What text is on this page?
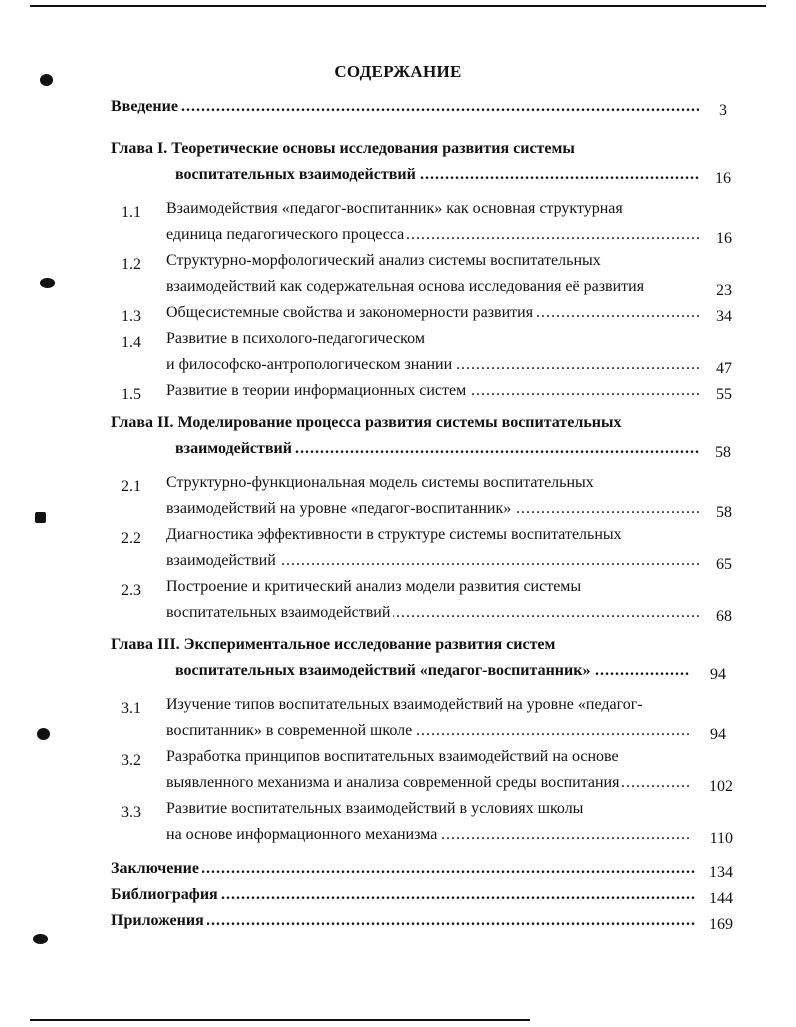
СОДЕРЖАНИЕ
Введение .....	3
Глава I. Теоретические основы исследования развития системы
воспитательных взаимодействий .....	16
1.1 Взаимодействия «педагог-воспитанник» как основная структурная
единица педагогического процесса .....	16
1.2 Структурно-морфологический анализ системы воспитательных
взаимодействий как содержательная основа исследования её развития	23
1.3 Общесистемные свойства и закономерности развития .....	34
1.4 Развитие в психолого-педагогическом
и философско-антропологическом знании .....	47
1.5 Развитие в теории информационных систем .....	55
Глава II. Моделирование процесса развития системы воспитательных
взаимодействий .....	58
2.1 Структурно-функциональная модель системы воспитательных
взаимодействий на уровне «педагог-воспитанник» .....	58
2.2 Диагностика эффективности в структуре системы воспитательных
взаимодействий .....	65
2.3 Построение и критический анализ модели развития системы
воспитательных взаимодействий .....	68
Глава III. Экспериментальное исследование развития систем
воспитательных взаимодействий «педагог-воспитанник» .....	94
3.1 Изучение типов воспитательных взаимодействий на уровне «педагог-
воспитанник» в современной школе .....	94
3.2 Разработка принципов воспитательных взаимодействий на основе
выявленного механизма и анализа современной среды воспитания .....	102
3.3 Развитие воспитательных взаимодействий в условиях школы
на основе информационного механизма .....	110
Заключение .....	134
Библиография .....	144
Приложения .....	169
